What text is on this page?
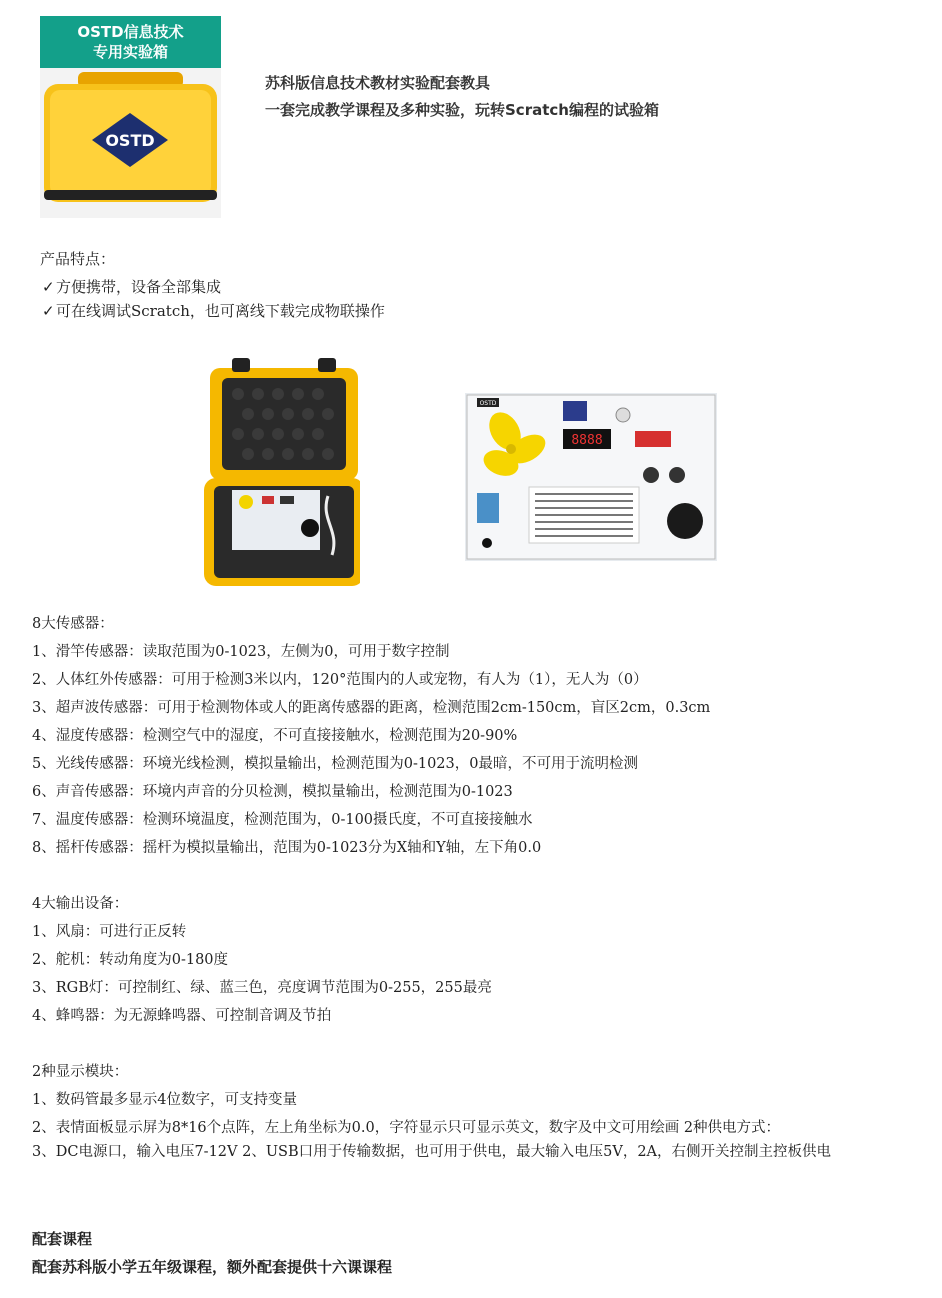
OSTD信息技术
专用实验箱
OSTD
苏科版信息技术教材实验配套教具
一套完成教学课程及多种实验，玩转Scratch编程的试验箱
产品特点：
✓方便携带，设备全部集成
✓可在线调试Scratch，也可离线下载完成物联操作
OSTD
8888
8大传感器：
1、滑竿传感器：读取范围为0-1023，左侧为0，可用于数字控制
2、人体红外传感器：可用于检测3米以内，120°范围内的人或宠物，有人为（1），无人为（0）
3、超声波传感器：可用于检测物体或人的距离传感器的距离，检测范围2cm-150cm，盲区2cm，0.3cm
4、湿度传感器：检测空气中的湿度，不可直接接触水，检测范围为20-90%
5、光线传感器：环境光线检测，模拟量输出，检测范围为0-1023，0最暗，不可用于流明检测
6、声音传感器：环境内声音的分贝检测，模拟量输出，检测范围为0-1023
7、温度传感器：检测环境温度，检测范围为，0-100摄氏度，不可直接接触水
8、摇杆传感器：摇杆为模拟量输出，范围为0-1023分为X轴和Y轴，左下角0.0
4大输出设备：
1、风扇：可进行正反转
2、舵机：转动角度为0-180度
3、RGB灯：可控制红、绿、蓝三色，亮度调节范围为0-255，255最亮
4、蜂鸣器：为无源蜂鸣器、可控制音调及节拍
2种显示模块：
1、数码管最多显示4位数字，可支持变量
2、表情面板显示屏为8*16个点阵，左上角坐标为0.0，字符显示只可显示英文，数字及中文可用绘画 2种供电方式：
3、DC电源口，输入电压7-12V 2、USB口用于传输数据，也可用于供电，最大输入电压5V，2A，右侧开关控制主控板供电
配套课程
配套苏科版小学五年级课程，额外配套提供十六课课程
